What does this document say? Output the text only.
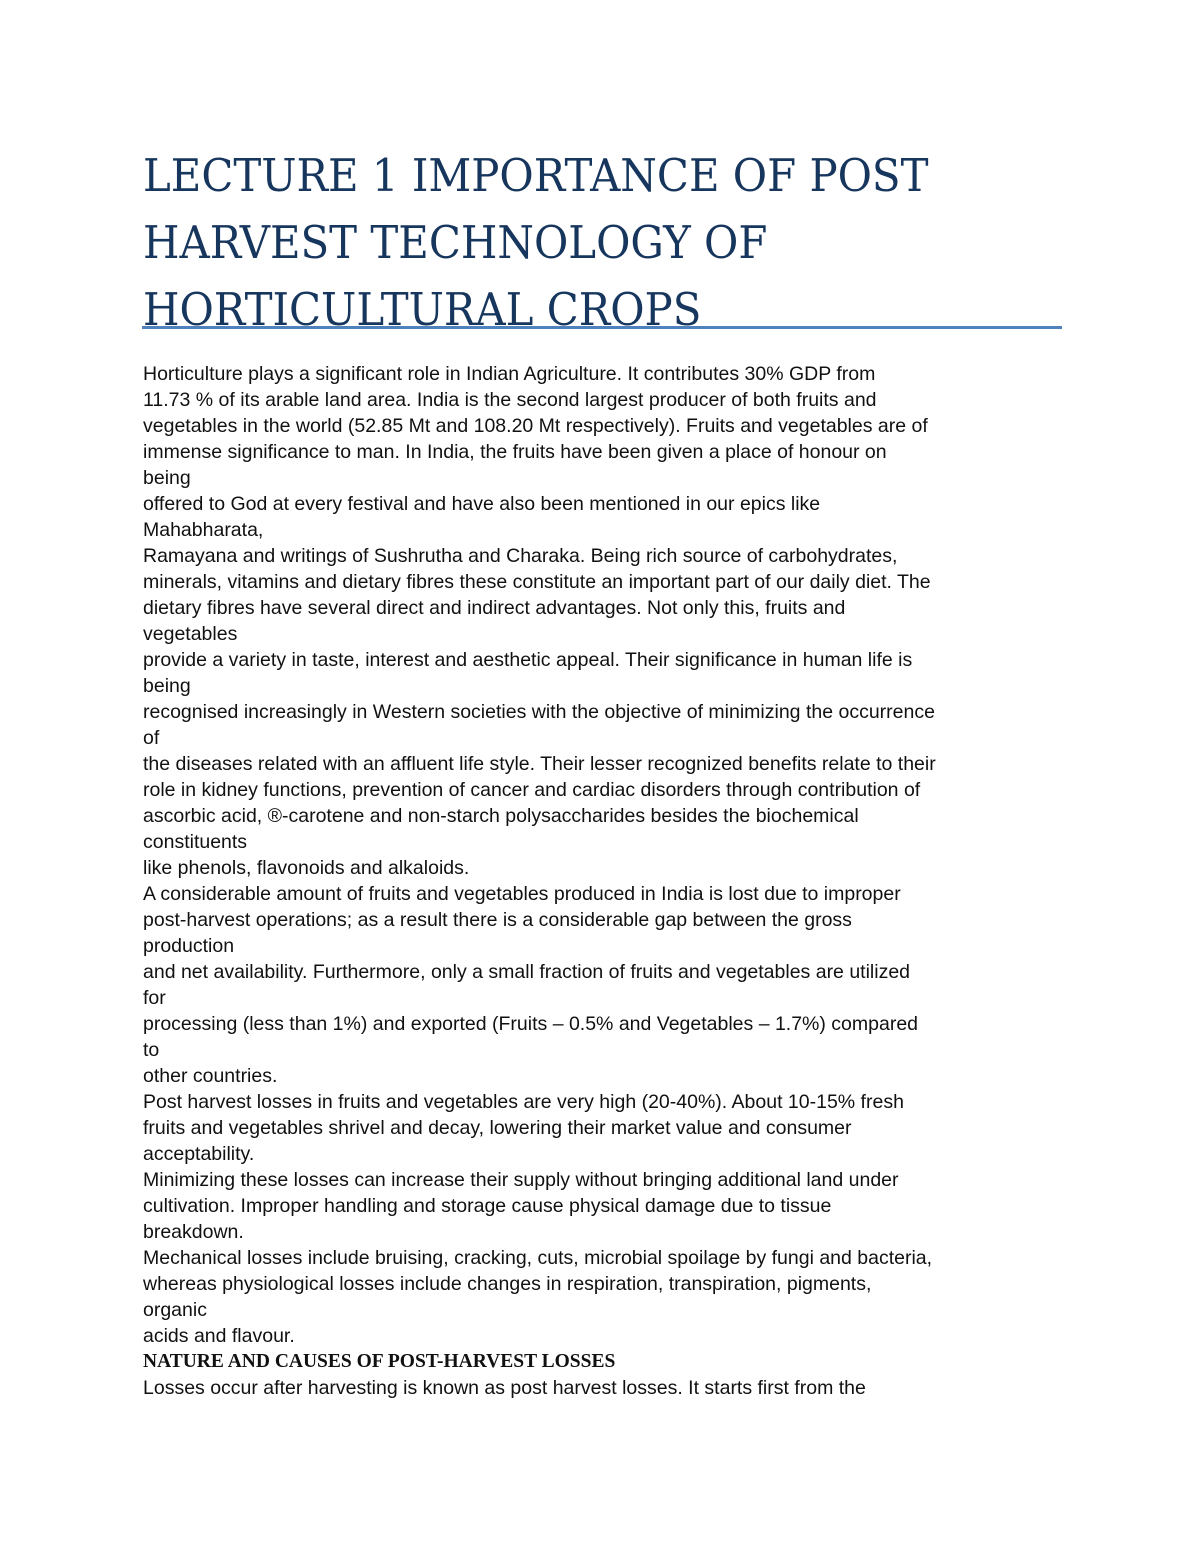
LECTURE 1 IMPORTANCE OF POST HARVEST TECHNOLOGY OF HORTICULTURAL CROPS
Horticulture plays a significant role in Indian Agriculture. It contributes 30% GDP from
11.73 % of its arable land area. India is the second largest producer of both fruits and
vegetables in the world (52.85 Mt and 108.20 Mt respectively). Fruits and vegetables are of
immense significance to man. In India, the fruits have been given a place of honour on
being
offered to God at every festival and have also been mentioned in our epics like
Mahabharata,
Ramayana and writings of Sushrutha and Charaka. Being rich source of carbohydrates,
minerals, vitamins and dietary fibres these constitute an important part of our daily diet. The
dietary fibres have several direct and indirect advantages. Not only this, fruits and
vegetables
provide a variety in taste, interest and aesthetic appeal. Their significance in human life is
being
recognised increasingly in Western societies with the objective of minimizing the occurrence
of
the diseases related with an affluent life style. Their lesser recognized benefits relate to their
role in kidney functions, prevention of cancer and cardiac disorders through contribution of
ascorbic acid, ®-carotene and non-starch polysaccharides besides the biochemical
constituents
like phenols, flavonoids and alkaloids.
A considerable amount of fruits and vegetables produced in India is lost due to improper
post-harvest operations; as a result there is a considerable gap between the gross
production
and net availability. Furthermore, only a small fraction of fruits and vegetables are utilized
for
processing (less than 1%) and exported (Fruits – 0.5% and Vegetables – 1.7%) compared
to
other countries.
Post harvest losses in fruits and vegetables are very high (20-40%). About 10-15% fresh
fruits and vegetables shrivel and decay, lowering their market value and consumer
acceptability.
Minimizing these losses can increase their supply without bringing additional land under
cultivation. Improper handling and storage cause physical damage due to tissue
breakdown.
Mechanical losses include bruising, cracking, cuts, microbial spoilage by fungi and bacteria,
whereas physiological losses include changes in respiration, transpiration, pigments,
organic
acids and flavour.
NATURE AND CAUSES OF POST-HARVEST LOSSES
Losses occur after harvesting is known as post harvest losses. It starts first from the
